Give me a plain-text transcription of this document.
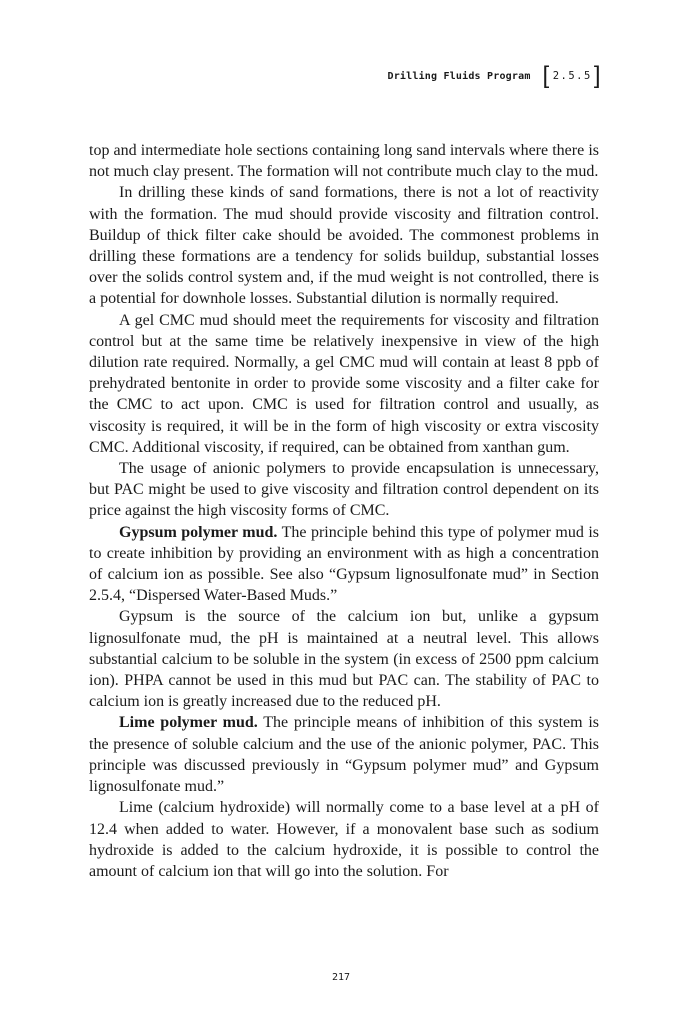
Drilling Fluids Program [ 2.5.5 ]

top and intermediate hole sections containing long sand intervals where there is not much clay present. The formation will not contribute much clay to the mud.

In drilling these kinds of sand formations, there is not a lot of reactivity with the formation. The mud should provide viscosity and filtration control. Buildup of thick filter cake should be avoided. The commonest problems in drilling these formations are a tendency for solids buildup, substantial losses over the solids control system and, if the mud weight is not controlled, there is a potential for downhole losses. Substantial dilution is normally required.

A gel CMC mud should meet the requirements for viscosity and filtration control but at the same time be relatively inexpensive in view of the high dilution rate required. Normally, a gel CMC mud will contain at least 8 ppb of prehydrated bentonite in order to provide some viscosity and a filter cake for the CMC to act upon. CMC is used for filtration control and usually, as viscosity is required, it will be in the form of high viscosity or extra viscosity CMC. Additional viscosity, if required, can be obtained from xanthan gum.

The usage of anionic polymers to provide encapsulation is unnecessary, but PAC might be used to give viscosity and filtration control dependent on its price against the high viscosity forms of CMC.

Gypsum polymer mud. The principle behind this type of polymer mud is to create inhibition by providing an environment with as high a concentration of calcium ion as possible. See also “Gypsum lignosulfonate mud” in Section 2.5.4, “Dispersed Water-Based Muds.”

Gypsum is the source of the calcium ion but, unlike a gypsum lignosulfonate mud, the pH is maintained at a neutral level. This allows substantial calcium to be soluble in the system (in excess of 2500 ppm calcium ion). PHPA cannot be used in this mud but PAC can. The stability of PAC to calcium ion is greatly increased due to the reduced pH.

Lime polymer mud. The principle means of inhibition of this system is the presence of soluble calcium and the use of the anionic polymer, PAC. This principle was discussed previously in “Gypsum polymer mud” and Gypsum lignosulfonate mud.”

Lime (calcium hydroxide) will normally come to a base level at a pH of 12.4 when added to water. However, if a monovalent base such as sodium hydroxide is added to the calcium hydroxide, it is possible to control the amount of calcium ion that will go into the solution. For

217
